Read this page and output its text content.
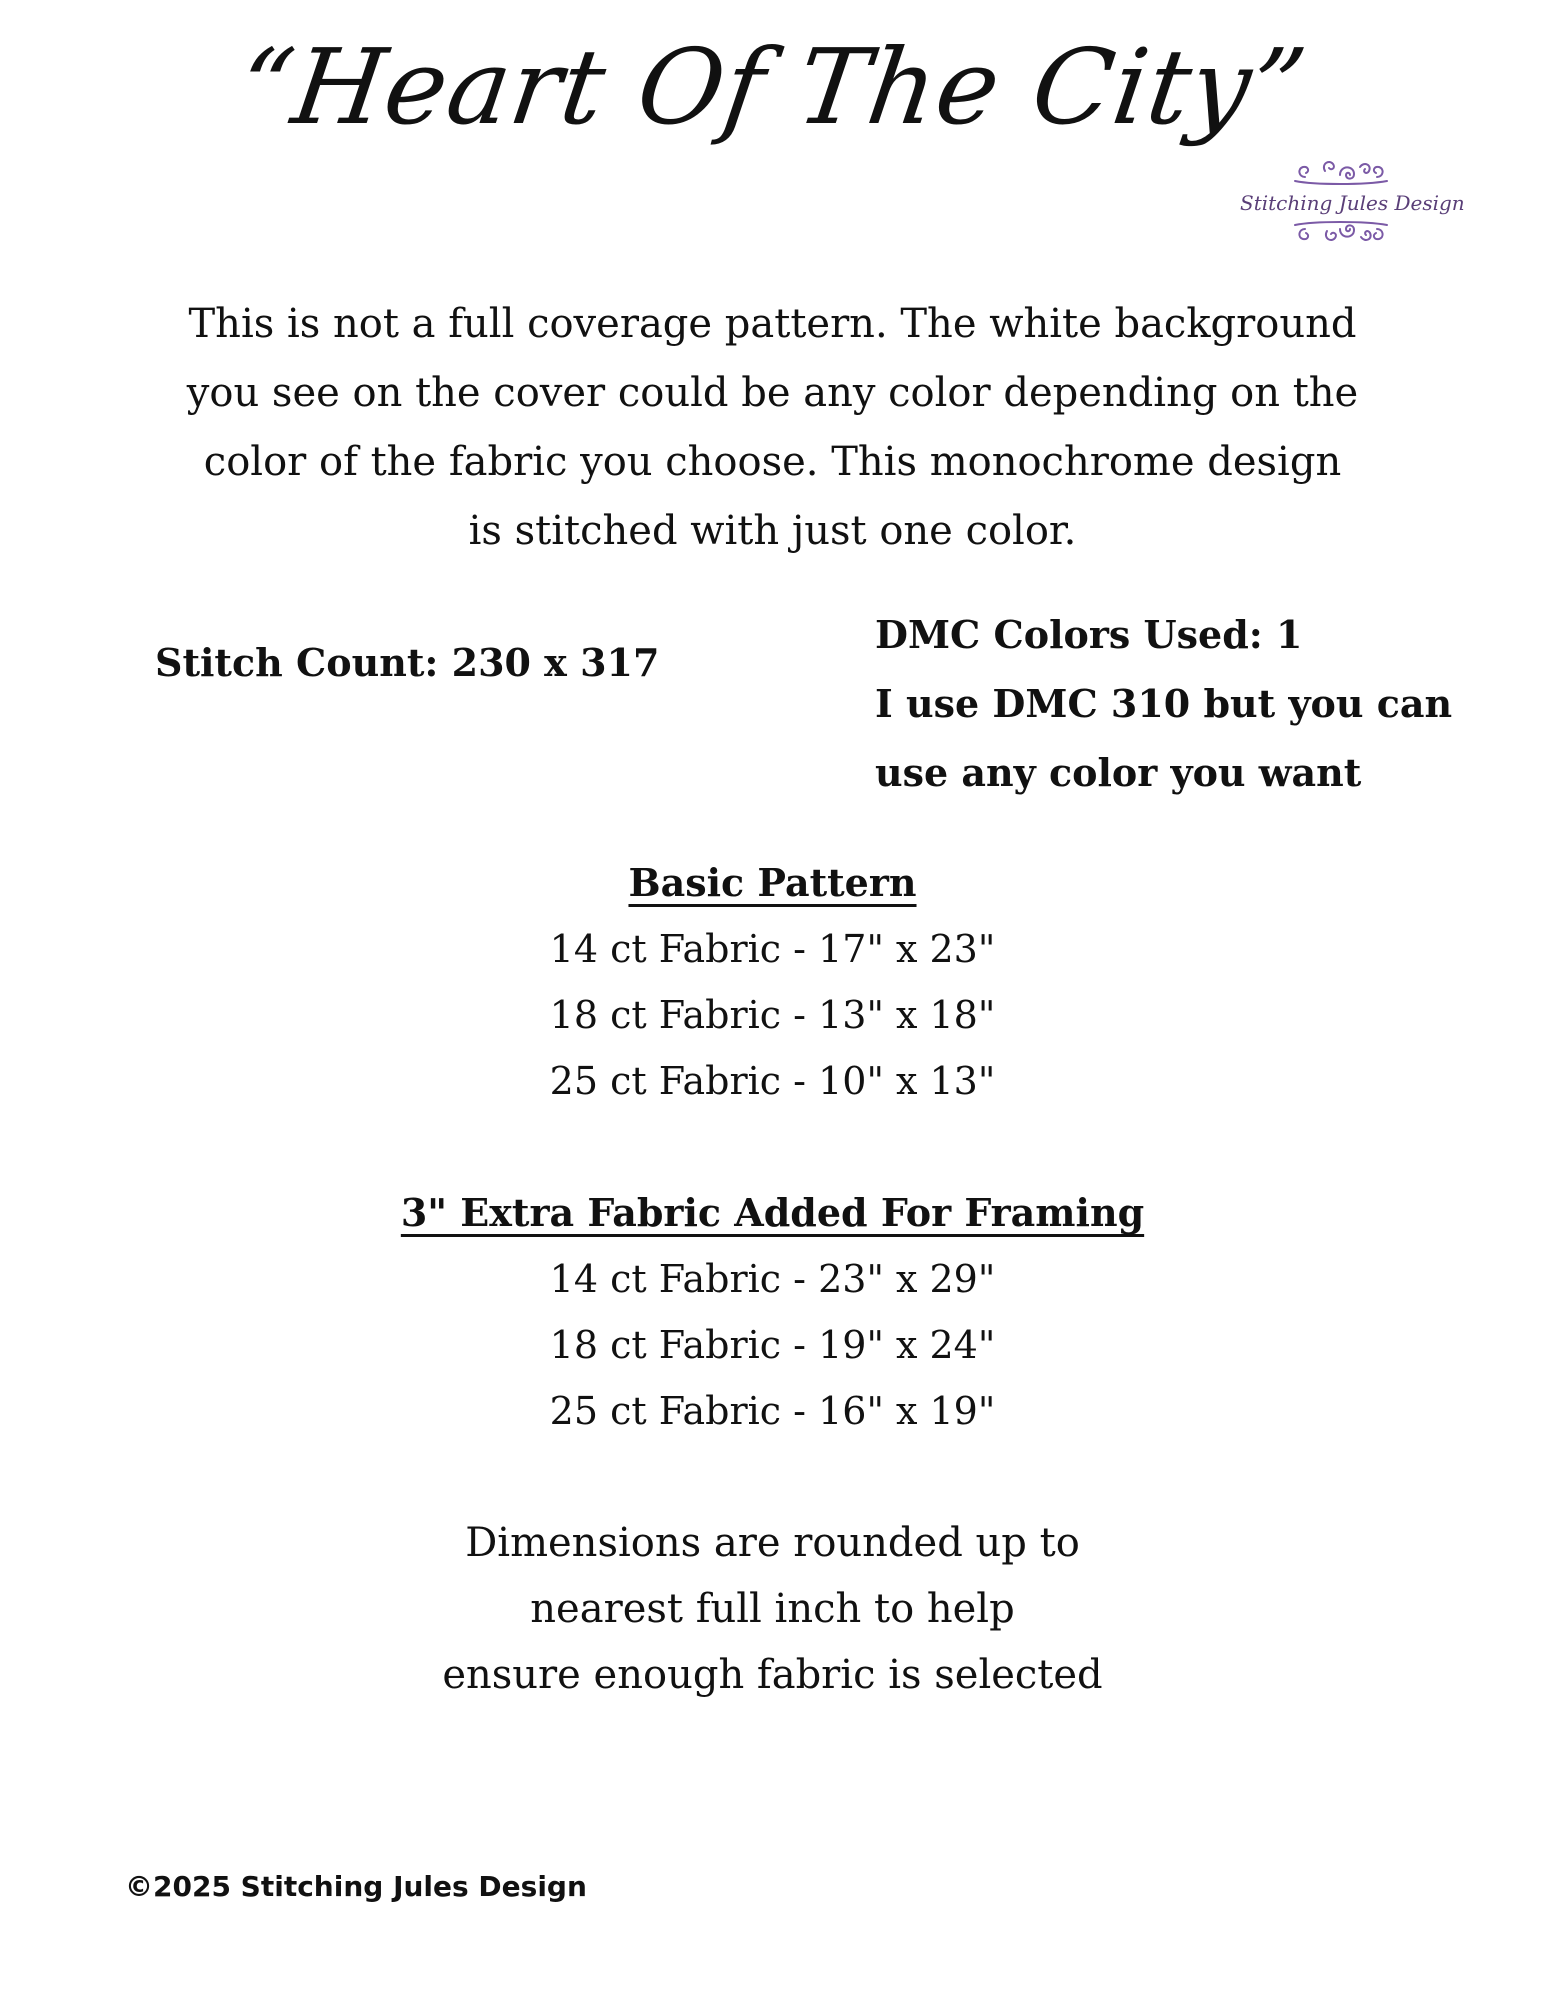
“Heart Of The City”
Stitching Jules Design
This is not a full coverage pattern. The white background
you see on the cover could be any color depending on the
color of the fabric you choose. This monochrome design
is stitched with just one color.
Stitch Count: 230 x 317
DMC Colors Used: 1
I use DMC 310 but you can
use any color you want
Basic Pattern
14 ct Fabric - 17" x 23"
18 ct Fabric - 13" x 18"
25 ct Fabric - 10" x 13"
3" Extra Fabric Added For Framing
14 ct Fabric - 23" x 29"
18 ct Fabric - 19" x 24"
25 ct Fabric - 16" x 19"
Dimensions are rounded up to
nearest full inch to help
ensure enough fabric is selected
©2025 Stitching Jules Design
